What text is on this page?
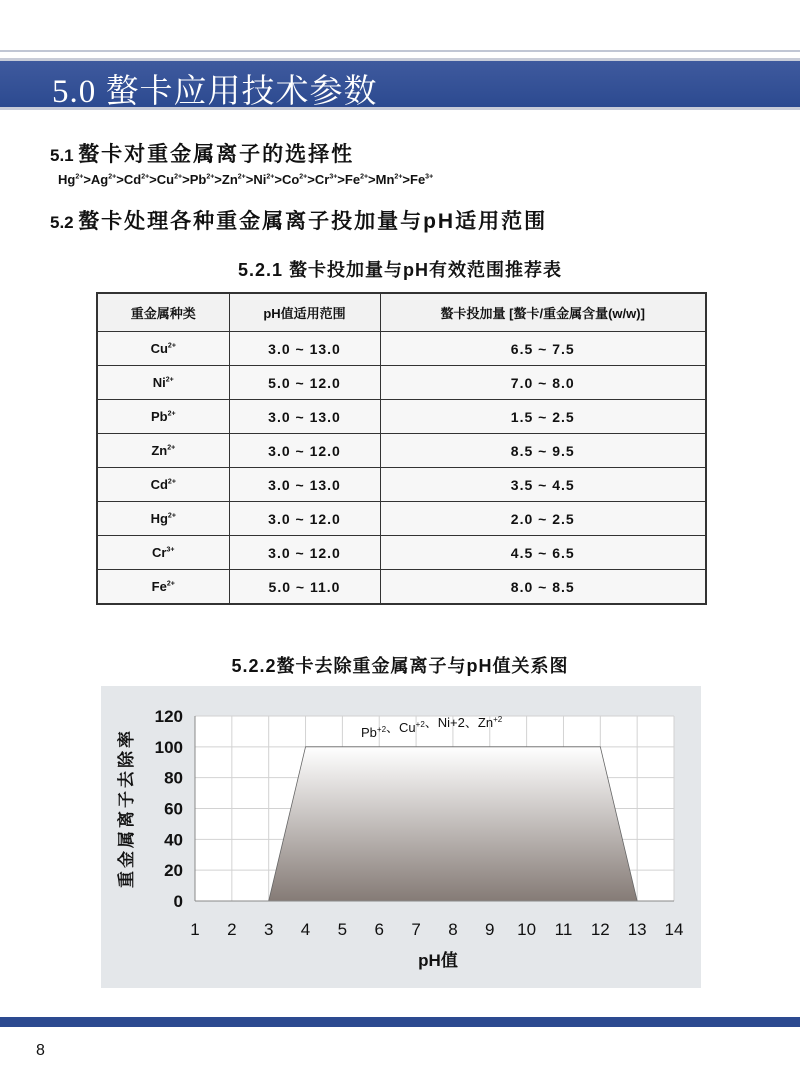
5.0 螯卡应用技术参数
5.1 螯卡对重金属离子的选择性
$Hg^{2+}>Ag^{2+}>Cd^{2+}>Cu^{2+}>Pb^{2+}>Zn^{2+}>Ni^{2+}>Co^{2+}>Cr^{3+}>Fe^{2+}>Mn^{2+}>Fe^{3+}$
5.2 螯卡处理各种重金属离子投加量与pH适用范围
5.2.1 螯卡投加量与pH有效范围推荐表
重金属种类	pH值适用范围	螯卡投加量 [螯卡/重金属含量(w/w)]
$Cu^{2+}$	3.0 ~ 13.0	6.5 ~ 7.5
$Ni^{2+}$	5.0 ~ 12.0	7.0 ~ 8.0
$Pb^{2+}$	3.0 ~ 13.0	1.5 ~ 2.5
$Zn^{2+}$	3.0 ~ 12.0	8.5 ~ 9.5
$Cd^{2+}$	3.0 ~ 13.0	3.5 ~ 4.5
$Hg^{2+}$	3.0 ~ 12.0	2.0 ~ 2.5
$Cr^{3+}$	3.0 ~ 12.0	4.5 ~ 6.5
$Fe^{2+}$	5.0 ~ 11.0	8.0 ~ 8.5
5.2.2螯卡去除重金属离子与pH值关系图
0
20
40
60
80
100
120
1 2 3 4 5 6 7 8 9 10 11 12 13 14
$Pb^{+2}$、$Cu^{+2}$、Ni+2、$Zn^{+2}$
pH值
重金属离子去除率
8
